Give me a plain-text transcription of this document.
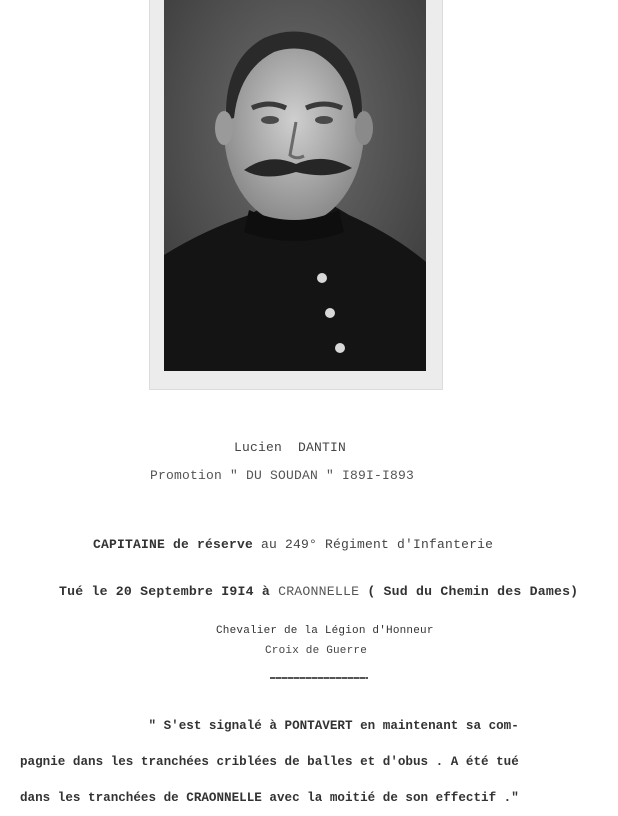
Lucien  DANTIN
Promotion " DU SOUDAN " I89I-I893
CAPITAINE de réserve au 249° Régiment d'Infanterie
Tué le 20 Septembre I9I4 à CRAONNELLE ( Sud du Chemin des Dames)
Chevalier de la Légion d'Honneur
Croix de Guerre

" S'est signalé à PONTAVERT en maintenant sa com-

pagnie dans les tranchées criblées de balles et d'obus . A été tué

dans les tranchées de CRAONNELLE avec la moitié de son effectif ."
